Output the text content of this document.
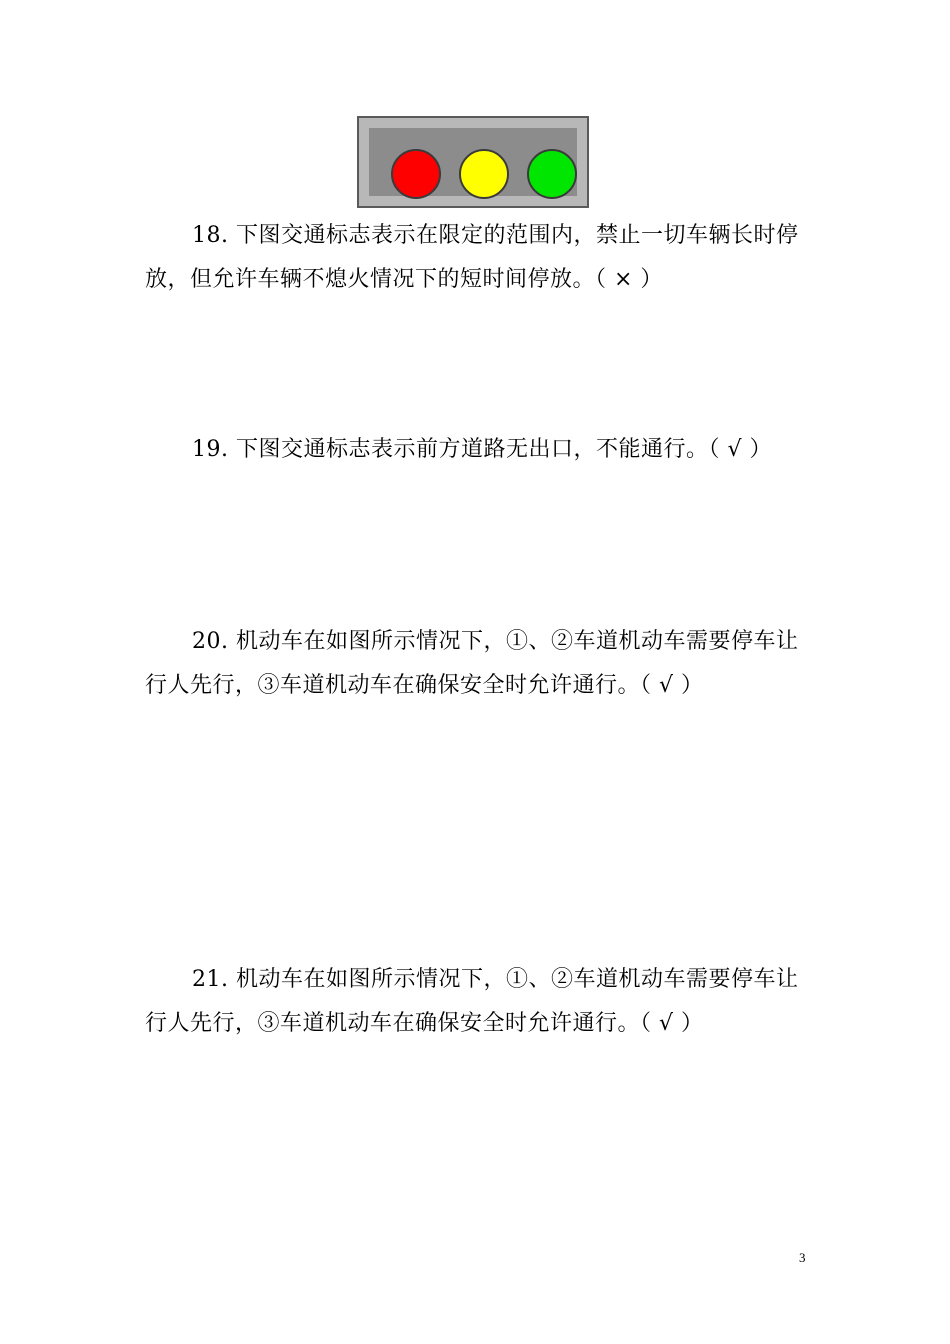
18. 下图交通标志表示在限定的范围内，禁止一切车辆长时停放，但允许车辆不熄火情况下的短时间停放。（ × ）

19. 下图交通标志表示前方道路无出口，不能通行。（ √ ）

20. 机动车在如图所示情况下，①、②车道机动车需要停车让行人先行，③车道机动车在确保安全时允许通行。（ √ ）

21. 机动车在如图所示情况下，①、②车道机动车需要停车让行人先行，③车道机动车在确保安全时允许通行。（ √ ）

3
